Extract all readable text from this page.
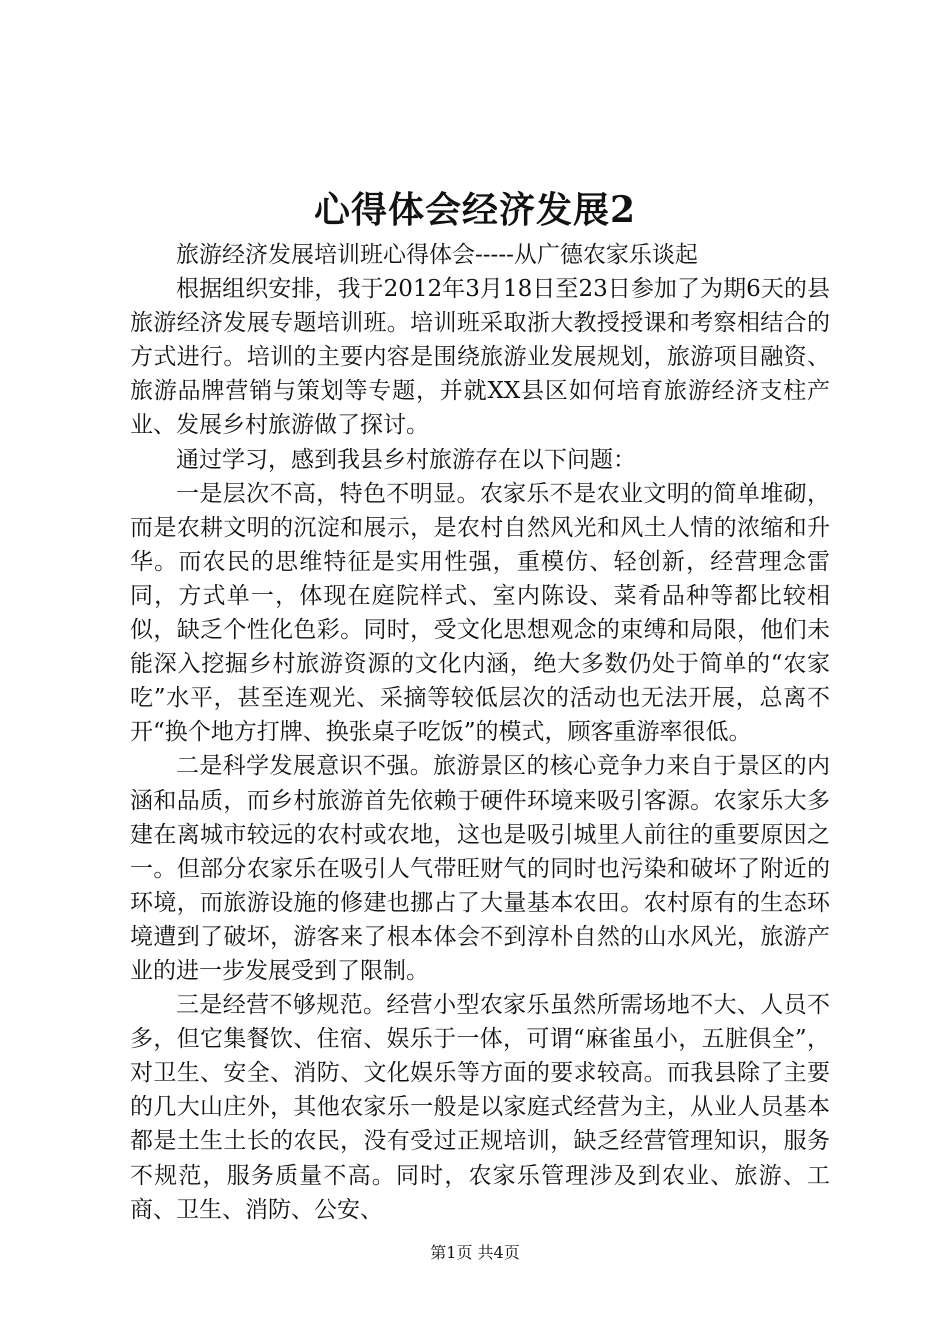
心得体会经济发展2

旅游经济发展培训班心得体会-----从广德农家乐谈起

根据组织安排，我于2012年3月18日至23日参加了为期6天的县旅游经济发展专题培训班。培训班采取浙大教授授课和考察相结合的方式进行。培训的主要内容是围绕旅游业发展规划，旅游项目融资、旅游品牌营销与策划等专题，并就XX县区如何培育旅游经济支柱产业、发展乡村旅游做了探讨。

通过学习，感到我县乡村旅游存在以下问题：

一是层次不高，特色不明显。农家乐不是农业文明的简单堆砌，而是农耕文明的沉淀和展示，是农村自然风光和风土人情的浓缩和升华。而农民的思维特征是实用性强，重模仿、轻创新，经营理念雷同，方式单一，体现在庭院样式、室内陈设、菜肴品种等都比较相似，缺乏个性化色彩。同时，受文化思想观念的束缚和局限，他们未能深入挖掘乡村旅游资源的文化内涵，绝大多数仍处于简单的“农家吃”水平，甚至连观光、采摘等较低层次的活动也无法开展，总离不开“换个地方打牌、换张桌子吃饭”的模式，顾客重游率很低。

二是科学发展意识不强。旅游景区的核心竞争力来自于景区的内涵和品质，而乡村旅游首先依赖于硬件环境来吸引客源。农家乐大多建在离城市较远的农村或农地，这也是吸引城里人前往的重要原因之一。但部分农家乐在吸引人气带旺财气的同时也污染和破坏了附近的环境，而旅游设施的修建也挪占了大量基本农田。农村原有的生态环境遭到了破坏，游客来了根本体会不到淳朴自然的山水风光，旅游产业的进一步发展受到了限制。

三是经营不够规范。经营小型农家乐虽然所需场地不大、人员不多，但它集餐饮、住宿、娱乐于一体，可谓“麻雀虽小，五脏俱全”，对卫生、安全、消防、文化娱乐等方面的要求较高。而我县除了主要的几大山庄外，其他农家乐一般是以家庭式经营为主，从业人员基本都是土生土长的农民，没有受过正规培训，缺乏经营管理知识，服务不规范，服务质量不高。同时，农家乐管理涉及到农业、旅游、工商、卫生、消防、公安、

第1页 共4页
